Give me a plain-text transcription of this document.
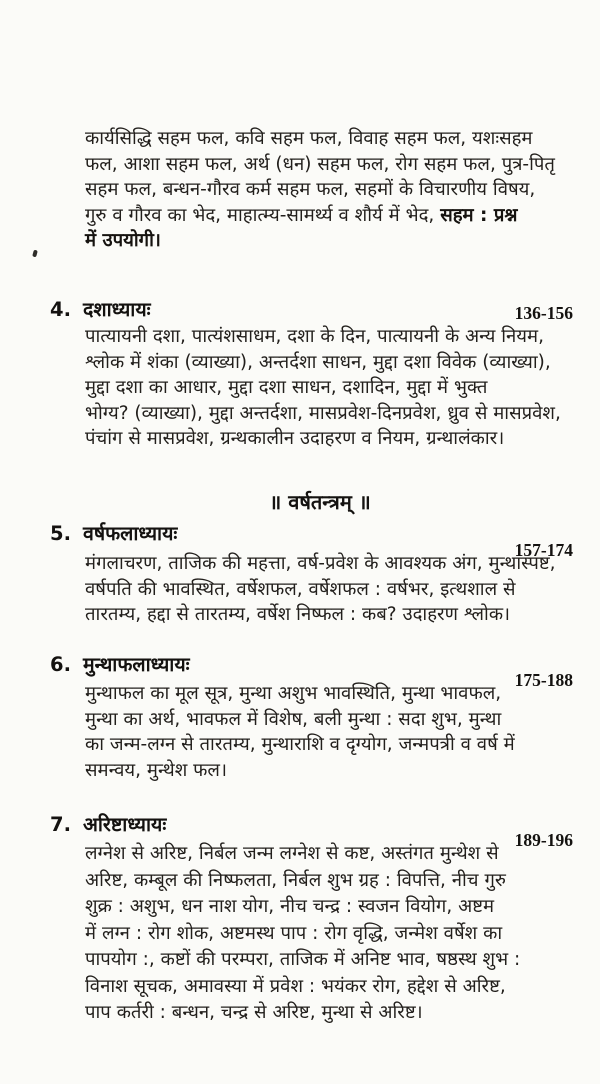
कार्यसिद्धि सहम फल, कवि सहम फल, विवाह सहम फल, यशःसहम
फल, आशा सहम फल, अर्थ (धन) सहम फल, रोग सहम फल, पुत्र-पितृ
सहम फल, बन्धन-गौरव कर्म सहम फल, सहमों के विचारणीय विषय,
गुरु व गौरव का भेद, माहात्म्य-सामर्थ्य व शौर्य में भेद, सहम : प्रश्न
में उपयोगी।
4. दशाध्यायः	136-156
पात्यायनी दशा, पात्यंशसाधम, दशा के दिन, पात्यायनी के अन्य नियम,
श्लोक में शंका (व्याख्या), अन्तर्दशा साधन, मुद्दा दशा विवेक (व्याख्या),
मुद्दा दशा का आधार, मुद्दा दशा साधन, दशादिन, मुद्दा में भुक्त
भोग्य? (व्याख्या), मुद्दा अन्तर्दशा, मासप्रवेश-दिनप्रवेश, ध्रुव से मासप्रवेश,
पंचांग से मासप्रवेश, ग्रन्थकालीन उदाहरण व नियम, ग्रन्थालंकार।
॥ वर्षतन्त्रम् ॥
5. वर्षफलाध्यायः
157-174
मंगलाचरण, ताजिक की महत्ता, वर्ष-प्रवेश के आवश्यक अंग, मुन्थास्पष्ट,
वर्षपति की भावस्थित, वर्षेशफल, वर्षेशफल : वर्षभर, इत्थशाल से
तारतम्य, हद्दा से तारतम्य, वर्षेश निष्फल : कब? उदाहरण श्लोक।
6. मुन्थाफलाध्यायः
175-188
मुन्थाफल का मूल सूत्र, मुन्था अशुभ भावस्थिति, मुन्था भावफल,
मुन्था का अर्थ, भावफल में विशेष, बली मुन्था : सदा शुभ, मुन्था
का जन्म-लग्न से तारतम्य, मुन्थाराशि व दृग्योग, जन्मपत्री व वर्ष में
समन्वय, मुन्थेश फल।
7. अरिष्टाध्यायः
189-196
लग्नेश से अरिष्ट, निर्बल जन्म लग्नेश से कष्ट, अस्तंगत मुन्थेश से
अरिष्ट, कम्बूल की निष्फलता, निर्बल शुभ ग्रह : विपत्ति, नीच गुरु
शुक्र : अशुभ, धन नाश योग, नीच चन्द्र : स्वजन वियोग, अष्टम
में लग्न : रोग शोक, अष्टमस्थ पाप : रोग वृद्धि, जन्मेश वर्षेश का
पापयोग :, कष्टों की परम्परा, ताजिक में अनिष्ट भाव, षष्ठस्थ शुभ :
विनाश सूचक, अमावस्या में प्रवेश : भयंकर रोग, हद्देश से अरिष्ट,
पाप कर्तरी : बन्धन, चन्द्र से अरिष्ट, मुन्था से अरिष्ट।
